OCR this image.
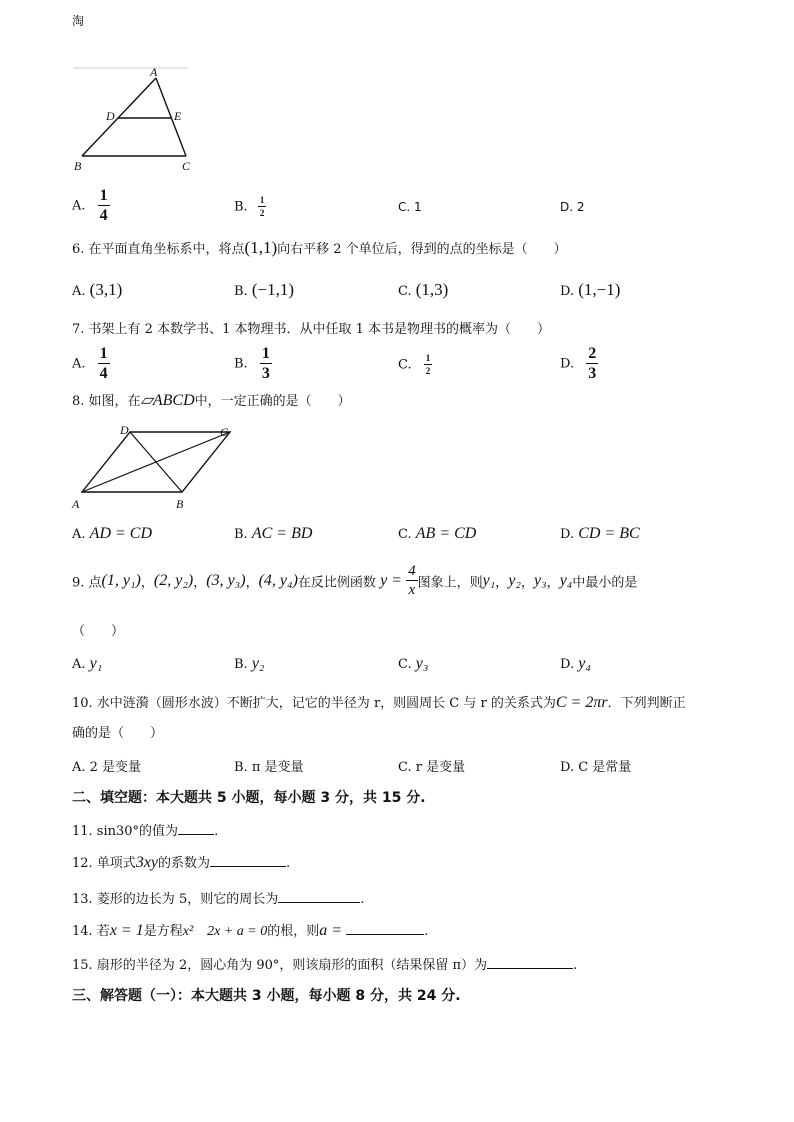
淘
A
D	E
B	C
A. $\frac{1}{4}$	B. $\frac{1}{2}$	C. 1	D. 2
6. 在平面直角坐标系中，将点(1,1)向右平移 2 个单位后，得到的点的坐标是（　　）
A. (3,1)	B. (−1,1)	C. (1,3)	D. (1,−1)
7. 书架上有 2 本数学书、1 本物理书．从中任取 1 本书是物理书的概率为（　　）
A. $\frac{1}{4}$	B. $\frac{1}{3}$	C. $\frac{1}{2}$	D. $\frac{2}{3}$
8. 如图，在▱ABCD中，一定正确的是（　　）
D	C
A	B
A. AD = CD	B. AC = BD	C. AB = CD	D. CD = BC
9. 点(1, y₁)，(2, y₂)，(3, y₃)，(4, y₄)在反比例函数 $y = \frac{4}{x}$ 图象上，则y₁，y₂，y₃，y₄中最小的是
（　　）
A. y₁	B. y₂	C. y₃	D. y₄
10. 水中涟漪（圆形水波）不断扩大，记它的半径为 r，则圆周长 C 与 r 的关系式为C = 2πr．下列判断正
确的是（　　）
A. 2 是变量	B. π 是变量	C. r 是变量	D. C 是常量
二、填空题：本大题共 5 小题，每小题 3 分，共 15 分.
11. sin30°的值为	.
12. 单项式3xy的系数为	.
13. 菱形的边长为 5，则它的周长为	.
14. 若x = 1是方程x²　2x + a = 0的根，则a =	.
15. 扇形的半径为 2，圆心角为 90°，则该扇形的面积（结果保留 π）为	.
三、解答题（一）：本大题共 3 小题，每小题 8 分，共 24 分.
